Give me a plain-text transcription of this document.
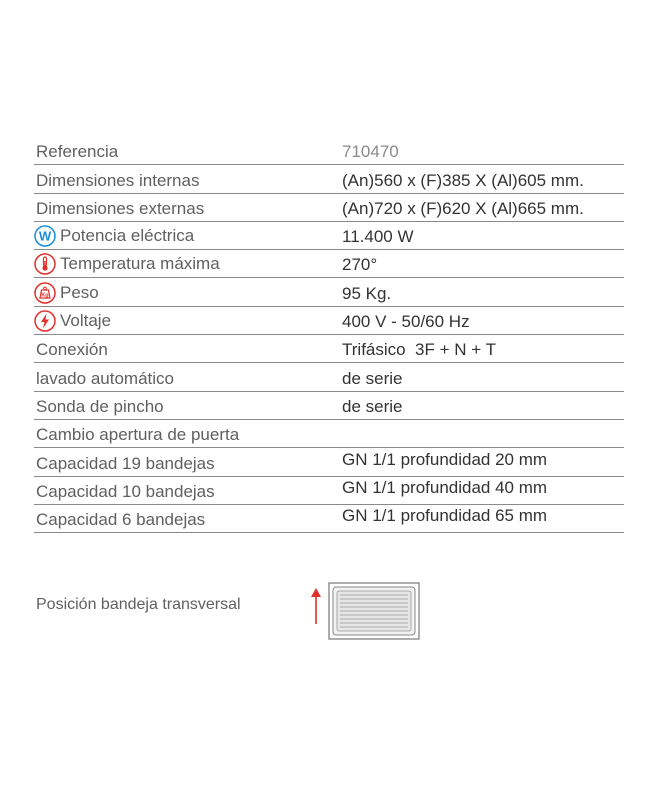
Referencia	710470
Dimensiones internas	(An)560 x (F)385 X (Al)605 mm.
Dimensiones externas	(An)720 x (F)620 X (Al)665 mm.
W Potencia eléctrica	11.400 W
Temperatura máxima	270°
Kg Peso	95 Kg.
Voltaje	400 V - 50/60 Hz
Conexión	Trifásico  3F + N + T
lavado automático	de serie
Sonda de pincho	de serie
Cambio apertura de puerta
Capacidad 19 bandejas	GN 1/1 profundidad 20 mm
Capacidad 10 bandejas	GN 1/1 profundidad 40 mm
Capacidad 6 bandejas	GN 1/1 profundidad 65 mm
Posición bandeja transversal
